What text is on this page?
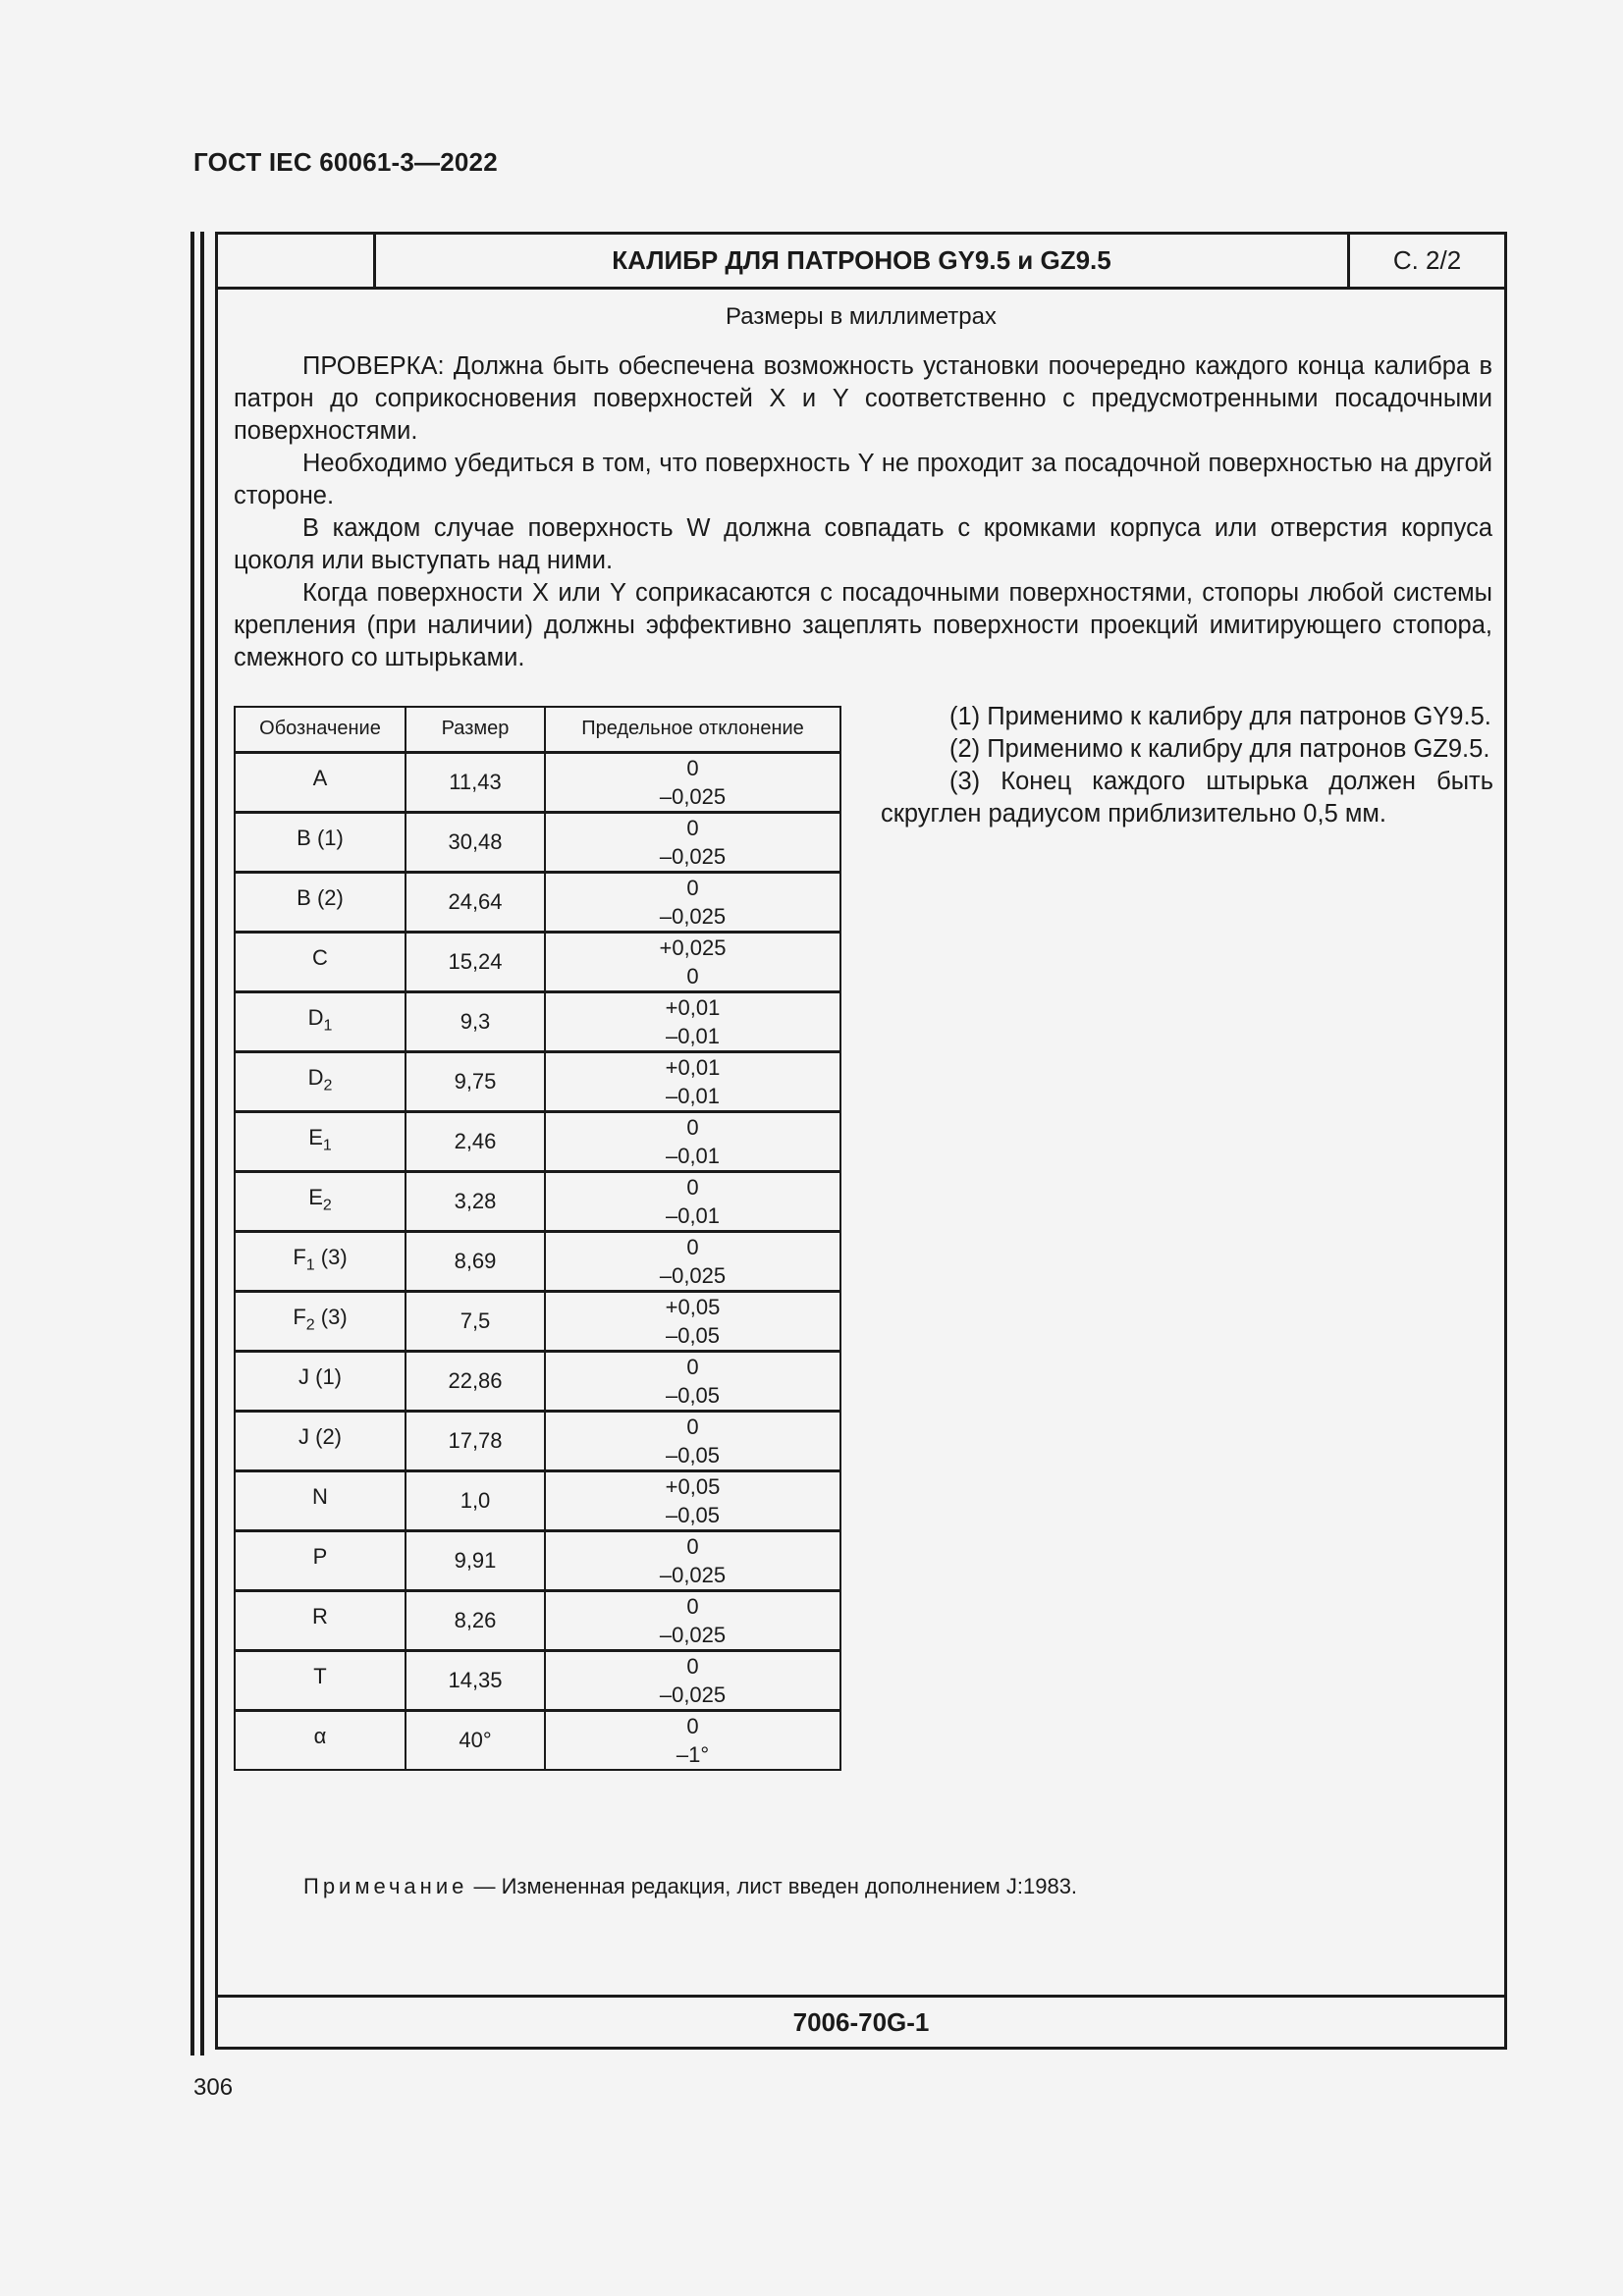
ГОСТ IEC 60061-3—2022
КАЛИБР ДЛЯ ПАТРОНОВ GY9.5 и GZ9.5	С. 2/2
Размеры в миллиметрах

ПРОВЕРКА: Должна быть обеспечена возможность установки поочередно каждого конца калибра в патрон до соприкосновения поверхностей X и Y соответственно с предусмотренными посадочными поверхностями.

Необходимо убедиться в том, что поверхность Y не проходит за посадочной поверхностью на другой стороне.

В каждом случае поверхность W должна совпадать с кромками корпуса или отверстия корпуса цоколя или выступать над ними.

Когда поверхности X или Y соприкасаются с посадочными поверхностями, стопоры любой системы крепления (при наличии) должны эффективно зацеплять поверхности проекций имитирующего стопора, смежного со штырьками.

Обозначение	Размер	Предельное отклонение
A	11,43	0
–0,025

B (1)	30,48	0
–0,025

B (2)	24,64	0
–0,025

C	15,24	+0,025
0

$D_1$	9,3	+0,01
–0,01

$D_2$	9,75	+0,01
–0,01

$E_1$	2,46	0
–0,01

$E_2$	3,28	0
–0,01

$F_1$ (3)	8,69	0
–0,025

$F_2$ (3)	7,5	+0,05
–0,05

J (1)	22,86	0
–0,05

J (2)	17,78	0
–0,05

N	1,0	+0,05
–0,05

P	9,91	0
–0,025

R	8,26	0
–0,025

T	14,35	0
–0,025

α	40°	0
–1°

(1) Применимо к калибру для патронов GY9.5.

(2) Применимо к калибру для патронов GZ9.5.

(3) Конец каждого штырька должен быть скруглен радиусом приблизительно 0,5 мм.

Примечание — Измененная редакция, лист введен дополнением J:1983.
7006-70G-1
306
